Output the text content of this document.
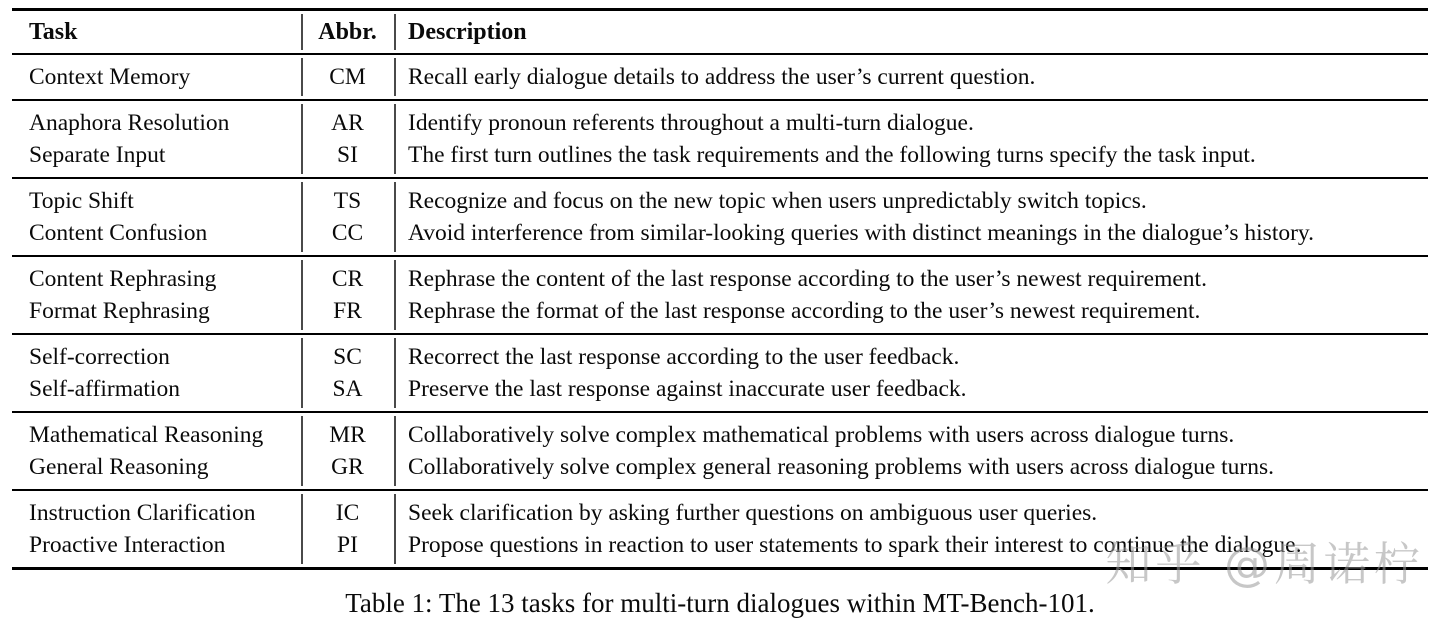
Task	Abbr.	Description
Context Memory	CM	Recall early dialogue details to address the user’s current question.
Anaphora Resolution	AR	Identify pronoun referents throughout a multi-turn dialogue.
Separate Input	SI	The first turn outlines the task requirements and the following turns specify the task input.
Topic Shift	TS	Recognize and focus on the new topic when users unpredictably switch topics.
Content Confusion	CC	Avoid interference from similar-looking queries with distinct meanings in the dialogue’s history.
Content Rephrasing	CR	Rephrase the content of the last response according to the user’s newest requirement.
Format Rephrasing	FR	Rephrase the format of the last response according to the user’s newest requirement.
Self-correction	SC	Recorrect the last response according to the user feedback.
Self-affirmation	SA	Preserve the last response against inaccurate user feedback.
Mathematical Reasoning	MR	Collaboratively solve complex mathematical problems with users across dialogue turns.
General Reasoning	GR	Collaboratively solve complex general reasoning problems with users across dialogue turns.
Instruction Clarification	IC	Seek clarification by asking further questions on ambiguous user queries.
Proactive Interaction	PI	Propose questions in reaction to user statements to spark their interest to continue the dialogue.
Table 1: The 13 tasks for multi-turn dialogues within MT-Bench-101.
知乎 @周诺柠
